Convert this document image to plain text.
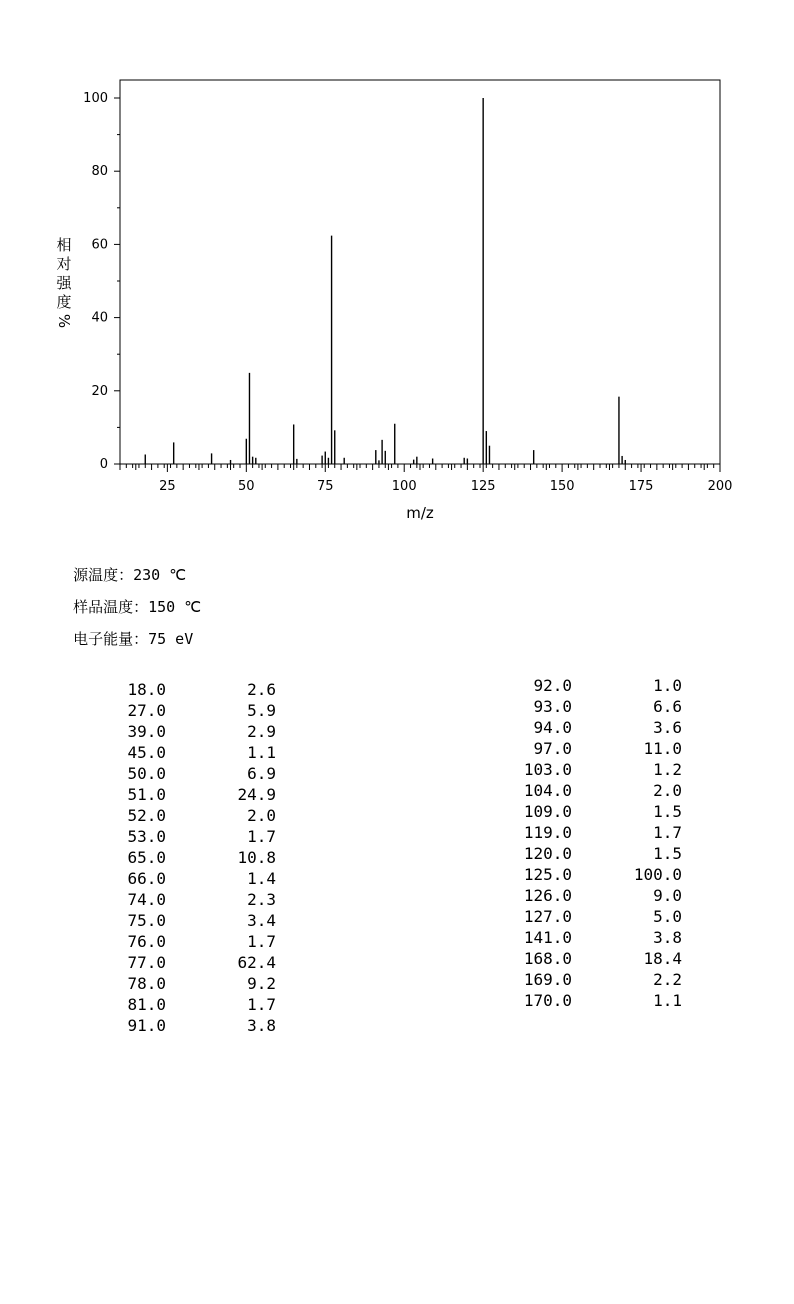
0
20
40
60
80
100
25	50	75	100	125	150	175	200
m/z
相
对
强
度
%

源温度：230 ℃

样品温度：150 ℃

电子能量：75 eV

18.0	2.6
27.0	5.9
39.0	2.9
45.0	1.1
50.0	6.9
51.0	24.9
52.0	2.0
53.0	1.7
65.0	10.8
66.0	1.4
74.0	2.3
75.0	3.4
76.0	1.7
77.0	62.4
78.0	9.2
81.0	1.7
91.0	3.8
92.0	1.0
93.0	6.6
94.0	3.6
97.0	11.0
103.0	1.2
104.0	2.0
109.0	1.5
119.0	1.7
120.0	1.5
125.0	100.0
126.0	9.0
127.0	5.0
141.0	3.8
168.0	18.4
169.0	2.2
170.0	1.1
